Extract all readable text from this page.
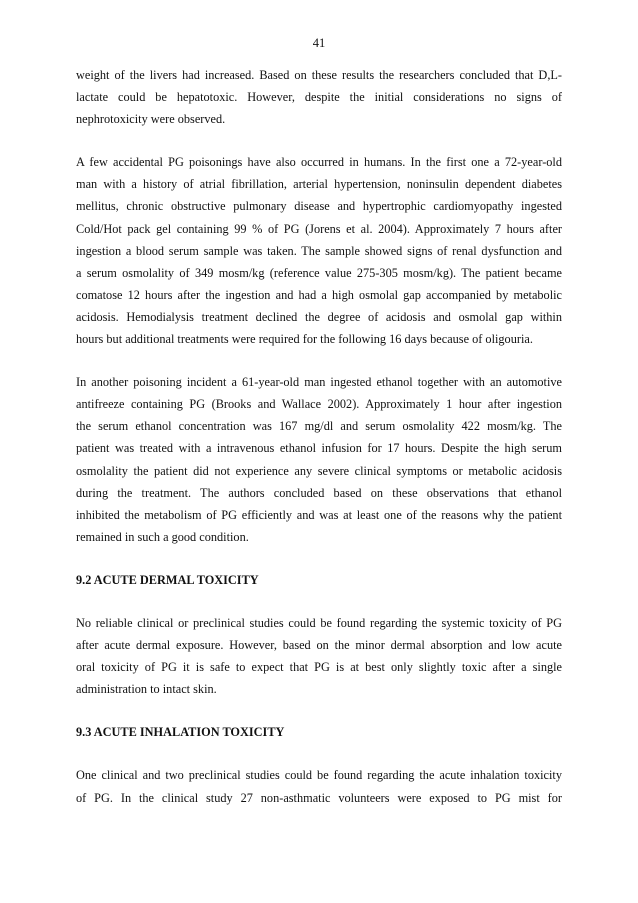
41

weight of the livers had increased. Based on these results the researchers concluded that D,L-
lactate could be hepatotoxic. However, despite the initial considerations no signs of
nephrotoxicity were observed.

A few accidental PG poisonings have also occurred in humans. In the first one a 72-year-old
man with a history of atrial fibrillation, arterial hypertension, noninsulin dependent diabetes
mellitus, chronic obstructive pulmonary disease and hypertrophic cardiomyopathy ingested
Cold/Hot pack gel containing 99 % of PG (Jorens et al. 2004). Approximately 7 hours after
ingestion a blood serum sample was taken. The sample showed signs of renal dysfunction and
a serum osmolality of 349 mosm/kg (reference value 275-305 mosm/kg). The patient became
comatose 12 hours after the ingestion and had a high osmolal gap accompanied by metabolic
acidosis. Hemodialysis treatment declined the degree of acidosis and osmolal gap within
hours but additional treatments were required for the following 16 days because of oligouria.

In another poisoning incident a 61-year-old man ingested ethanol together with an automotive
antifreeze containing PG (Brooks and Wallace 2002). Approximately 1 hour after ingestion
the serum ethanol concentration was 167 mg/dl and serum osmolality 422 mosm/kg. The
patient was treated with a intravenous ethanol infusion for 17 hours. Despite the high serum
osmolality the patient did not experience any severe clinical symptoms or metabolic acidosis
during the treatment. The authors concluded based on these observations that ethanol
inhibited the metabolism of PG efficiently and was at least one of the reasons why the patient
remained in such a good condition.

9.2 ACUTE DERMAL TOXICITY

No reliable clinical or preclinical studies could be found regarding the systemic toxicity of PG
after acute dermal exposure. However, based on the minor dermal absorption and low acute
oral toxicity of PG it is safe to expect that PG is at best only slightly toxic after a single
administration to intact skin.

9.3 ACUTE INHALATION TOXICITY

One clinical and two preclinical studies could be found regarding the acute inhalation toxicity
of PG. In the clinical study 27 non-asthmatic volunteers were exposed to PG mist for
